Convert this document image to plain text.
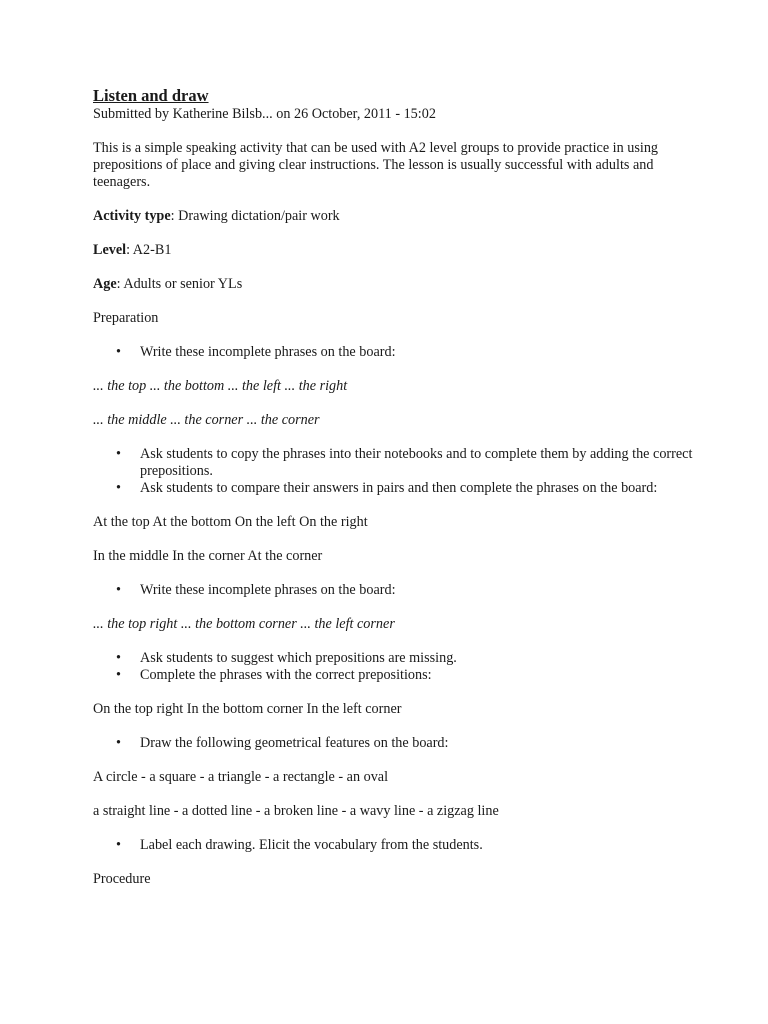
Listen and draw

Submitted by Katherine Bilsb... on 26 October, 2011 - 15:02

This is a simple speaking activity that can be used with A2 level groups to provide practice in using prepositions of place and giving clear instructions. The lesson is usually successful with adults and teenagers.

Activity type: Drawing dictation/pair work

Level: A2-B1

Age: Adults or senior YLs

Preparation

• Write these incomplete phrases on the board:

... the top ... the bottom ... the left ... the right

... the middle ... the corner ... the corner

• Ask students to copy the phrases into their notebooks and to complete them by adding the correct prepositions.
• Ask students to compare their answers in pairs and then complete the phrases on the board:

At the top At the bottom On the left On the right

In the middle In the corner At the corner

• Write these incomplete phrases on the board:

... the top right ... the bottom corner ... the left corner

• Ask students to suggest which prepositions are missing.
• Complete the phrases with the correct prepositions:

On the top right In the bottom corner In the left corner

• Draw the following geometrical features on the board:

A circle - a square - a triangle - a rectangle - an oval

a straight line - a dotted line - a broken line - a wavy line - a zigzag line

• Label each drawing. Elicit the vocabulary from the students.

Procedure
